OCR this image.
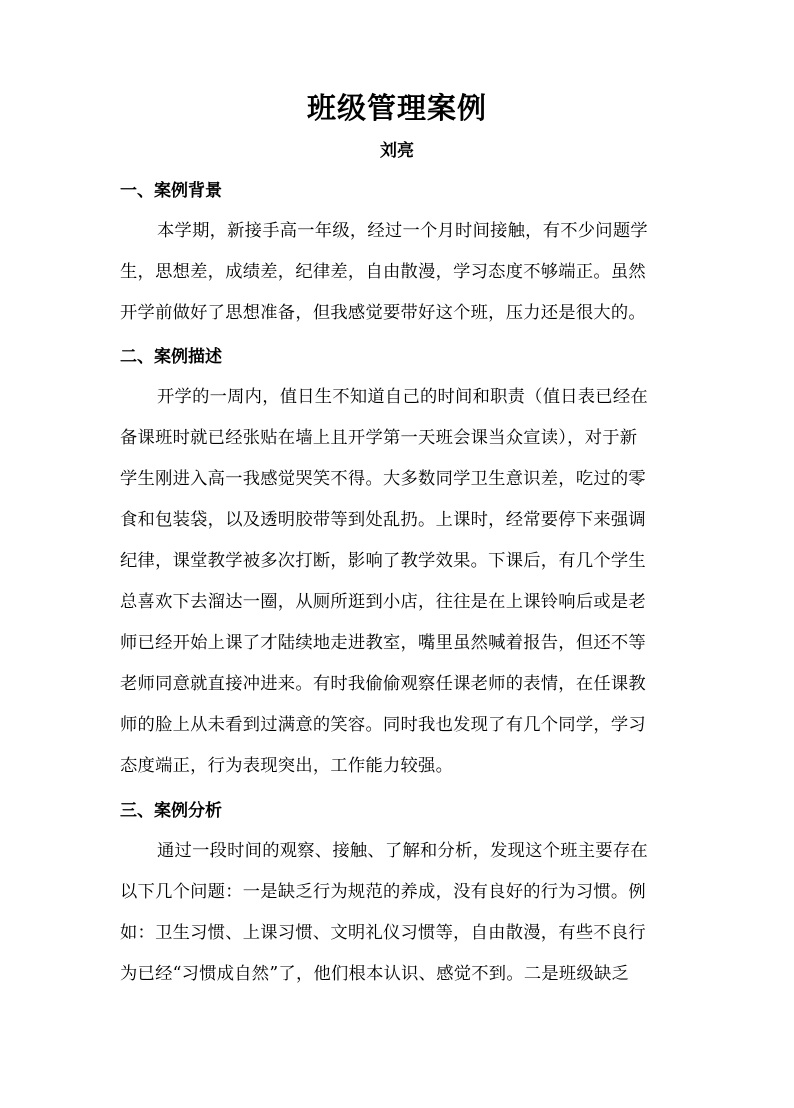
班级管理案例
刘亮
一、案例背景
本学期，新接手高一年级，经过一个月时间接触，有不少问题学
生，思想差，成绩差，纪律差，自由散漫，学习态度不够端正。虽然
开学前做好了思想准备，但我感觉要带好这个班，压力还是很大的。
二、案例描述
开学的一周内，值日生不知道自己的时间和职责（值日表已经在
备课班时就已经张贴在墙上且开学第一天班会课当众宣读），对于新
学生刚进入高一我感觉哭笑不得。大多数同学卫生意识差，吃过的零
食和包装袋，以及透明胶带等到处乱扔。上课时，经常要停下来强调
纪律，课堂教学被多次打断，影响了教学效果。下课后，有几个学生
总喜欢下去溜达一圈，从厕所逛到小店，往往是在上课铃响后或是老
师已经开始上课了才陆续地走进教室，嘴里虽然喊着报告，但还不等
老师同意就直接冲进来。有时我偷偷观察任课老师的表情，在任课教
师的脸上从未看到过满意的笑容。同时我也发现了有几个同学，学习
态度端正，行为表现突出，工作能力较强。
三、案例分析
通过一段时间的观察、接触、了解和分析，发现这个班主要存在
以下几个问题：一是缺乏行为规范的养成，没有良好的行为习惯。例
如：卫生习惯、上课习惯、文明礼仪习惯等，自由散漫，有些不良行
为已经“习惯成自然”了，他们根本认识、感觉不到。二是班级缺乏
